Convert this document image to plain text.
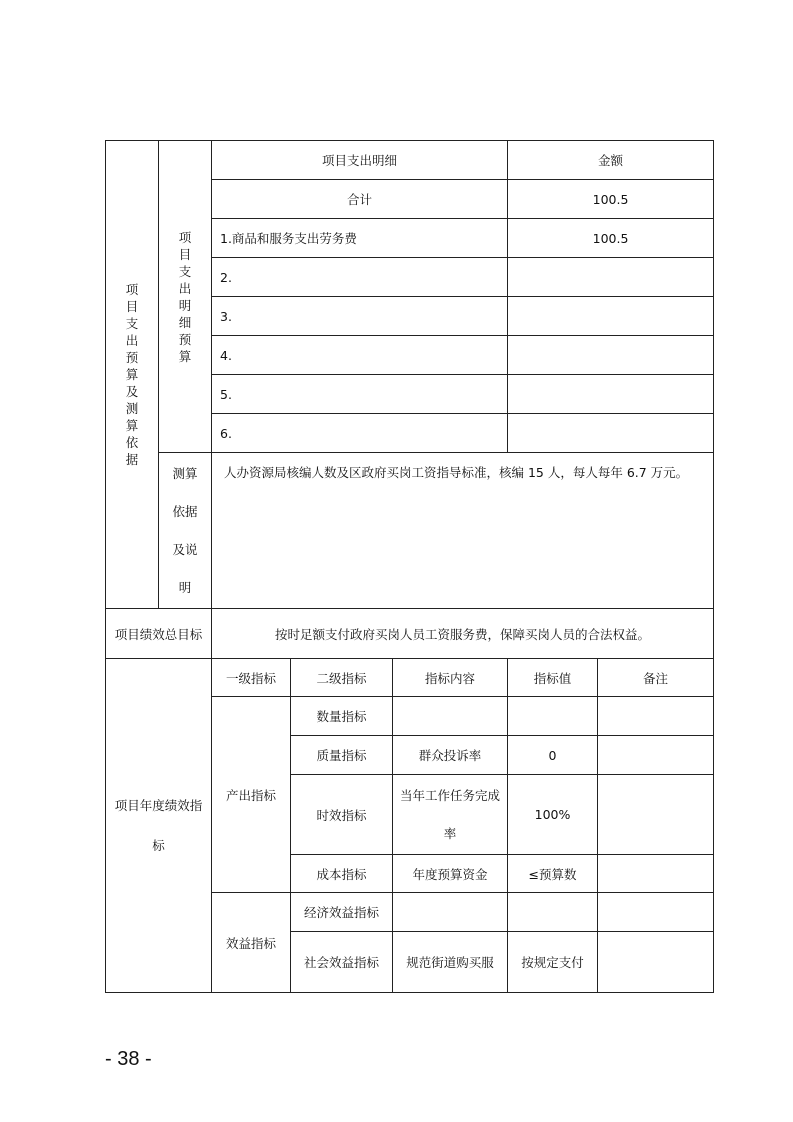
项目支出预算及测算依据	项目支出明细预算	项目支出明细			金额	
		合计			100.5	
		1.商品和服务支出劳务费			100.5	
		2.				
		3.				
		4.				
		5.				
		6.				
	测算依据及说明	人办资源局核编人数及区政府买岗工资指导标准，核编 15 人，每人每年 6.7 万元。				
项目绩效总目标		按时足额支付政府买岗人员工资服务费，保障买岗人员的合法权益。				
项目年度绩效指标		一级指标	二级指标	指标内容	指标值	备注
		产出指标	数量指标			
			质量指标	群众投诉率	0	
			时效指标	当年工作任务完成率	100%	
			成本指标	年度预算资金	≤预算数	
		效益指标	经济效益指标			
			社会效益指标	规范街道购买服	按规定支付	
- 38 -
